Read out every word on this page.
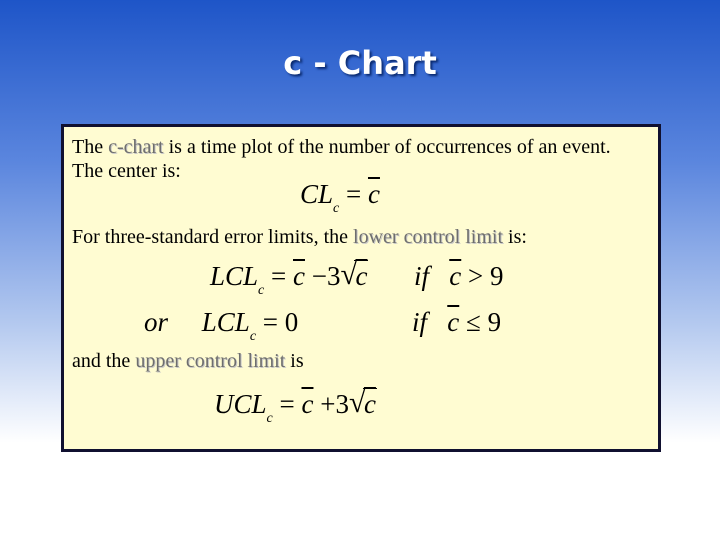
c - Chart
The c-chart is a time plot of the number of occurrences of an event. The center is:
$CL_c = \overline{c}$
For three-standard error limits, the lower control limit is:
$LCL_c = \overline{c} -3$ √
c if $\overline{c} > 9$
or $LCL_c = 0$	if $\overline{c} \le 9$
and the upper control limit is
$UCL_c = \overline{c} +3$ √
c
